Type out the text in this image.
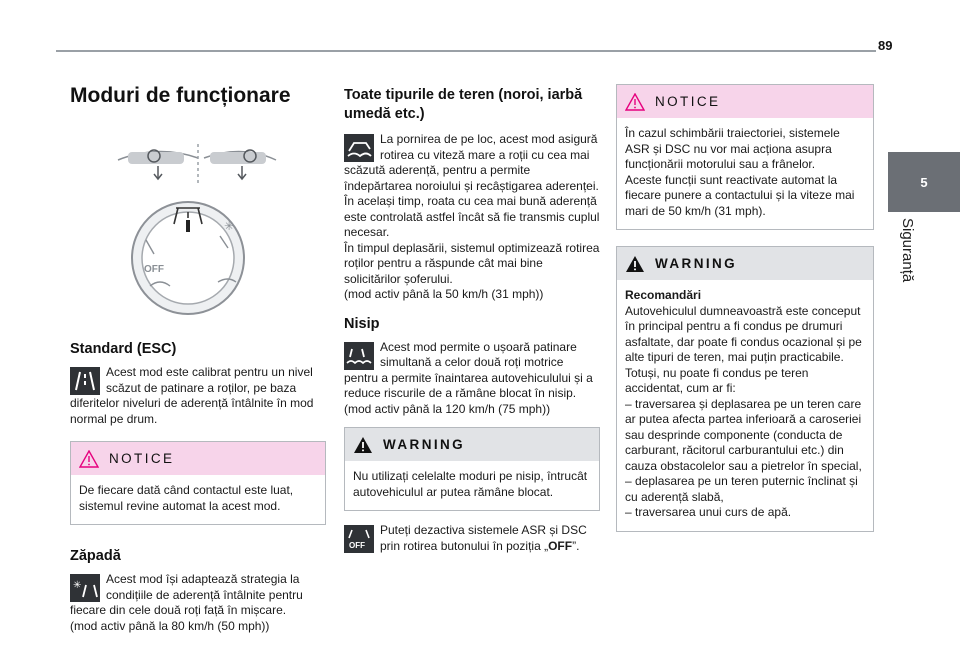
89
5
Siguranță
Moduri de funcționare
✳
OFF
Standard (ESC)
Acest mod este calibrat pentru un nivel scăzut de patinare a roților, pe baza diferitelor niveluri de aderență întâlnite în mod normal pe drum.
NOTICE
De fiecare dată când contactul este luat, sistemul revine automat la acest mod.
Zăpadă
✳ Acest mod își adaptează strategia la condițiile de aderență întâlnite pentru fiecare din cele două roți față în mișcare.
(mod activ până la 80 km/h (50 mph))
Toate tipurile de teren (noroi, iarbă umedă etc.)
La pornirea de pe loc, acest mod asigură rotirea cu viteză mare a roții cu cea mai scăzută aderență, pentru a permite îndepărtarea noroiului și recâștigarea aderenței. În același timp, roata cu cea mai bună aderență este controlată astfel încât să fie transmis cuplul necesar.
În timpul deplasării, sistemul optimizează rotirea roților pentru a răspunde cât mai bine solicitărilor șoferului.
(mod activ până la 50 km/h (31 mph))
Nisip
Acest mod permite o ușoară patinare simultană a celor două roți motrice pentru a permite înaintarea autovehiculului și a reduce riscurile de a rămâne blocat în nisip.
(mod activ până la 120 km/h (75 mph))
WARNING
Nu utilizați celelalte moduri pe nisip, întrucât autovehiculul ar putea rămâne blocat.
OFF
Puteți dezactiva sistemele ASR și DSC prin rotirea butonului în poziția „OFF”.
NOTICE
În cazul schimbării traiectoriei, sistemele ASR și DSC nu vor mai acționa asupra funcționării motorului sau a frânelor.
Aceste funcții sunt reactivate automat la fiecare punere a contactului și la viteze mai mari de 50 km/h (31 mph).
WARNING
Recomandări
Autovehiculul dumneavoastră este conceput în principal pentru a fi condus pe drumuri asfaltate, dar poate fi condus ocazional și pe alte tipuri de teren, mai puțin practicabile.
Totuși, nu poate fi condus pe teren accidentat, cum ar fi:
– traversarea și deplasarea pe un teren care ar putea afecta partea inferioară a caroseriei sau desprinde componente (conducta de carburant, răcitorul carburantului etc.) din cauza obstacolelor sau a pietrelor în special,
– deplasarea pe un teren puternic înclinat și cu aderență slabă,
– traversarea unui curs de apă.
